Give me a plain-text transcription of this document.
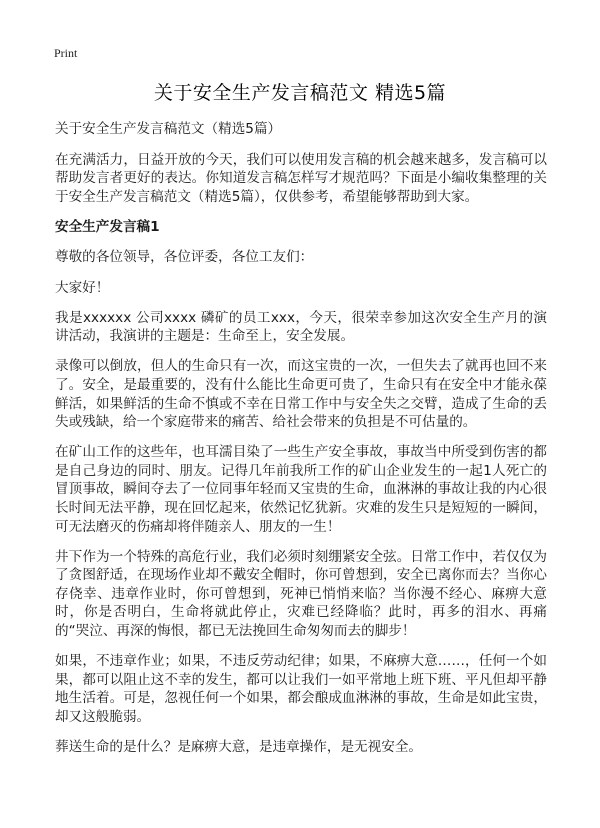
Print
关于安全生产发言稿范文 精选5篇

关于安全生产发言稿范文（精选5篇）

在充满活力，日益开放的今天，我们可以使用发言稿的机会越来越多，发言稿可以帮助发言者更好的表达。你知道发言稿怎样写才规范吗？下面是小编收集整理的关于安全生产发言稿范文（精选5篇），仅供参考，希望能够帮助到大家。

安全生产发言稿1

尊敬的各位领导，各位评委，各位工友们：

大家好！

我是xxxxxx 公司xxxx 磷矿的员工xxx，今天，很荣幸参加这次安全生产月的演讲活动，我演讲的主题是：生命至上，安全发展。

录像可以倒放，但人的生命只有一次，而这宝贵的一次，一但失去了就再也回不来了。安全，是最重要的，没有什么能比生命更可贵了，生命只有在安全中才能永葆鲜活，如果鲜活的生命不慎或不幸在日常工作中与安全失之交臂，造成了生命的丢失或残缺，给一个家庭带来的痛苦、给社会带来的负担是不可估量的。

在矿山工作的这些年，也耳濡目染了一些生产安全事故，事故当中所受到伤害的都是自己身边的同时、朋友。记得几年前我所工作的矿山企业发生的一起1人死亡的冒顶事故，瞬间夺去了一位同事年轻而又宝贵的生命，血淋淋的事故让我的内心很长时间无法平静，现在回忆起来，依然记忆犹新。灾难的发生只是短短的一瞬间，可无法磨灭的伤痛却将伴随亲人、朋友的一生！

井下作为一个特殊的高危行业，我们必须时刻绷紧安全弦。日常工作中，若仅仅为了贪图舒适，在现场作业却不戴安全帽时，你可曾想到，安全已离你而去？当你心存侥幸、违章作业时，你可曾想到，死神已悄悄来临？当你漫不经心、麻痹大意时，你是否明白，生命将就此停止，灾难已经降临？此时，再多的泪水、再痛的“哭泣、再深的悔恨，都已无法挽回生命匆匆而去的脚步！

如果，不违章作业；如果，不违反劳动纪律；如果，不麻痹大意……，任何一个如果，都可以阻止这不幸的发生，都可以让我们一如平常地上班下班、平凡但却平静地生活着。可是，忽视任何一个如果，都会酿成血淋淋的事故，生命是如此宝贵，却又这般脆弱。

葬送生命的是什么？是麻痹大意，是违章操作，是无视安全。
